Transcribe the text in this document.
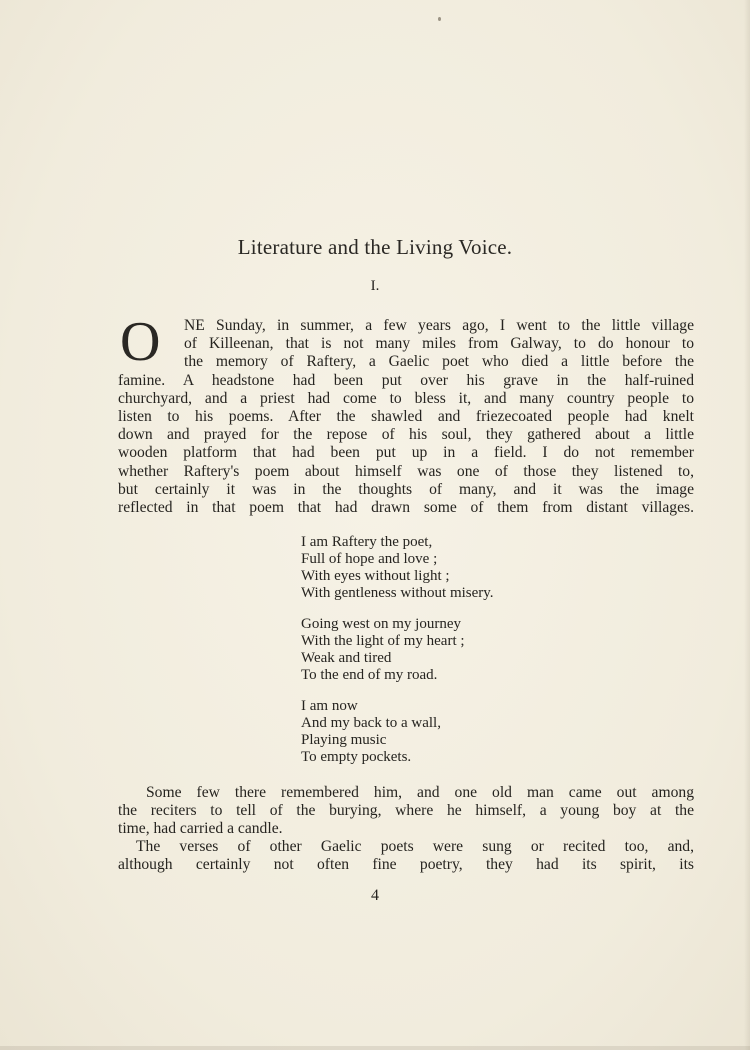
Literature and the Living Voice.
I.
O	NE Sunday, in summer, a few years ago, I went to the little village
of Killeenan, that is not many miles from Galway, to do honour to
the memory of Raftery, a Gaelic poet who died a little before the
famine. A headstone had been put over his grave in the half-ruined
churchyard, and a priest had come to bless it, and many country people to
listen to his poems. After the shawled and friezecoated people had knelt
down and prayed for the repose of his soul, they gathered about a little
wooden platform that had been put up in a field. I do not remember
whether Raftery's poem about himself was one of those they listened to,
but certainly it was in the thoughts of many, and it was the image
reflected in that poem that had drawn some of them from distant villages.
I am Raftery the poet,
Full of hope and love ;
With eyes without light ;
With gentleness without misery.
Going west on my journey
With the light of my heart ;
Weak and tired
To the end of my road.
I am now
And my back to a wall,
Playing music
To empty pockets.
Some few there remembered him, and one old man came out among
the reciters to tell of the burying, where he himself, a young boy at the
time, had carried a candle.
The verses of other Gaelic poets were sung or recited too, and,
although certainly not often fine poetry, they had its spirit, its
4
